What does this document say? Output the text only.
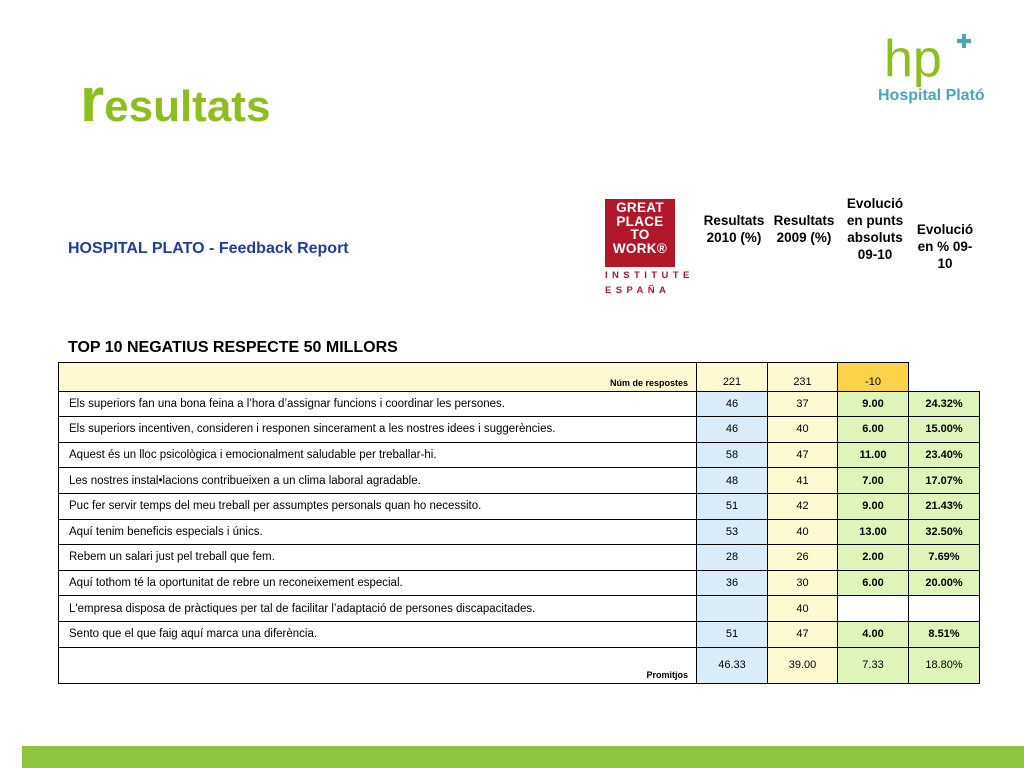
resultats
hp
Hospital Plató
HOSPITAL PLATO - Feedback Report
GREAT
PLACE
TO
WORK®
INSTITUTE
ESPAÑA
Resultats 2010 (%)
Resultats 2009 (%)
Evolució en punts absoluts 09-10
Evolució en % 09-10
TOP 10 NEGATIUS RESPECTE 50 MILLORS
Núm de respostes	221	231	-10	
Els superiors fan una bona feina a l’hora d’assignar funcions i coordinar les persones.	46	37	9.00	24.32%
Els superiors incentiven, consideren i responen sincerament a les nostres idees i suggerències.	46	40	6.00	15.00%
Aquest és un lloc psicològica i emocionalment saludable per treballar-hi.	58	47	11.00	23.40%
Les nostres instal•lacions contribueixen a un clima laboral agradable.	48	41	7.00	17.07%
Puc fer servir temps del meu treball per assumptes personals quan ho necessito.	51	42	9.00	21.43%
Aquí tenim beneficis especials i únics.	53	40	13.00	32.50%
Rebem un salari just pel treball que fem.	28	26	2.00	7.69%
Aquí tothom té la oportunitat de rebre un reconeixement especial.	36	30	6.00	20.00%
L'empresa disposa de pràctiques per tal de facilitar l’adaptació de persones discapacitades.		40		
Sento que el que faig aquí marca una diferència.	51	47	4.00	8.51%
Promitjos	46.33	39.00	7.33	18.80%
